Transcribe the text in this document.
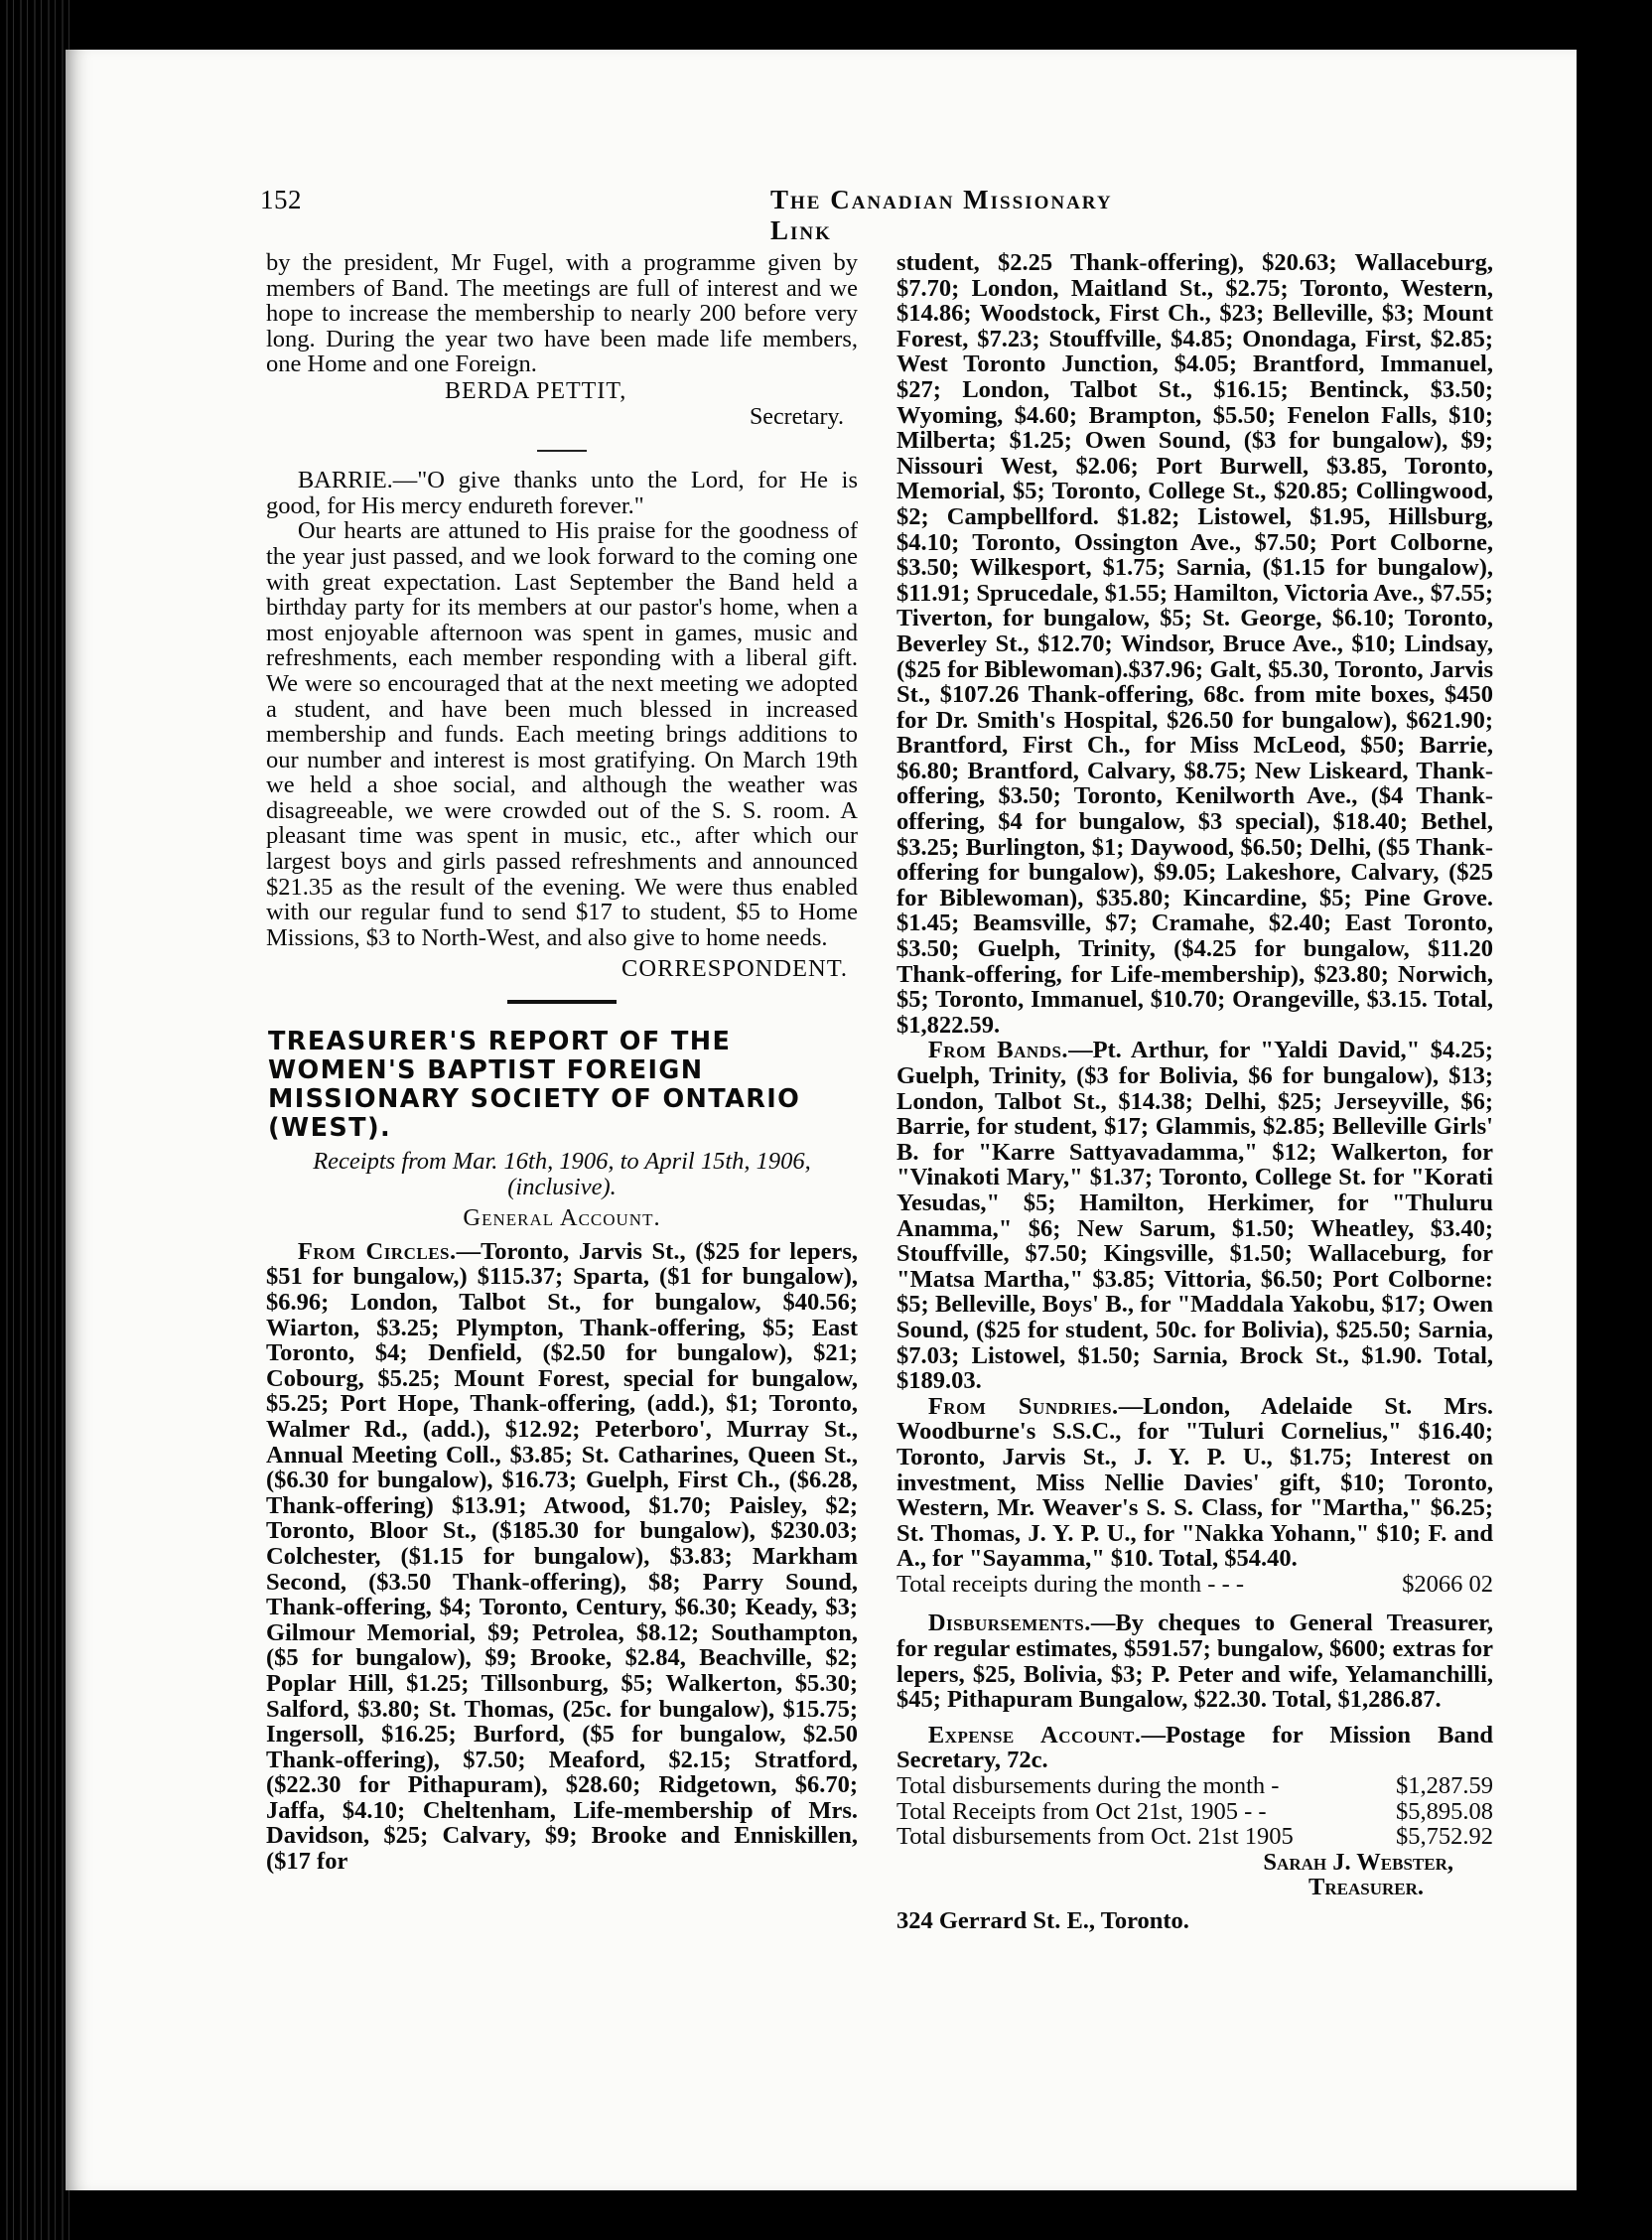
152	The Canadian Missionary Link

by the president, Mr Fugel, with a programme given by members of Band. The meetings are full of interest and we hope to increase the membership to nearly 200 before very long. During the year two have been made life members, one Home and one Foreign.

BERDA PETTIT,
Secretary.

BARRIE.—"O give thanks unto the Lord, for He is good, for His mercy endureth forever."

Our hearts are attuned to His praise for the goodness of the year just passed, and we look forward to the coming one with great expectation. Last September the Band held a birthday party for its members at our pastor's home, when a most enjoyable afternoon was spent in games, music and refreshments, each member responding with a liberal gift. We were so encouraged that at the next meeting we adopted a student, and have been much blessed in increased membership and funds. Each meeting brings additions to our number and interest is most gratifying. On March 19th we held a shoe social, and although the weather was disagreeable, we were crowded out of the S. S. room. A pleasant time was spent in music, etc., after which our largest boys and girls passed refreshments and announced $21.35 as the result of the evening. We were thus enabled with our regular fund to send $17 to student, $5 to Home Missions, $3 to North-West, and also give to home needs.

CORRESPONDENT.
TREASURER'S REPORT OF THE WOMEN'S BAPTIST FOREIGN MISSIONARY SOCIETY OF ONTARIO (WEST).
Receipts from Mar. 16th, 1906, to April 15th, 1906,
(inclusive).
General Account.

From Circles.—Toronto, Jarvis St., ($25 for lepers, $51 for bungalow,) $115.37; Sparta, ($1 for bungalow), $6.96; London, Talbot St., for bungalow, $40.56; Wiarton, $3.25; Plympton, Thank-offering, $5; East Toronto, $4; Denfield, ($2.50 for bungalow), $21; Cobourg, $5.25; Mount Forest, special for bungalow, $5.25; Port Hope, Thank-offering, (add.), $1; Toronto, Walmer Rd., (add.), $12.92; Peterboro', Murray St., Annual Meeting Coll., $3.85; St. Catharines, Queen St., ($6.30 for bungalow), $16.73; Guelph, First Ch., ($6.28, Thank-offering) $13.91; Atwood, $1.70; Paisley, $2; Toronto, Bloor St., ($185.30 for bungalow), $230.03; Colchester, ($1.15 for bungalow), $3.83; Markham Second, ($3.50 Thank-offering), $8; Parry Sound, Thank-offering, $4; Toronto, Century, $6.30; Keady, $3; Gilmour Memorial, $9; Petrolea, $8.12; Southampton, ($5 for bungalow), $9; Brooke, $2.84, Beachville, $2; Poplar Hill, $1.25; Tillsonburg, $5; Walkerton, $5.30; Salford, $3.80; St. Thomas, (25c. for bungalow), $15.75; Ingersoll, $16.25; Burford, ($5 for bungalow, $2.50 Thank-offering), $7.50; Meaford, $2.15; Stratford, ($22.30 for Pithapuram), $28.60; Ridgetown, $6.70; Jaffa, $4.10; Cheltenham, Life-membership of Mrs. Davidson, $25; Calvary, $9; Brooke and Enniskillen, ($17 for

student, $2.25 Thank-offering), $20.63; Wallaceburg, $7.70; London, Maitland St., $2.75; Toronto, Western, $14.86; Woodstock, First Ch., $23; Belleville, $3; Mount Forest, $7.23; Stouffville, $4.85; Onondaga, First, $2.85; West Toronto Junction, $4.05; Brantford, Immanuel, $27; London, Talbot St., $16.15; Bentinck, $3.50; Wyoming, $4.60; Brampton, $5.50; Fenelon Falls, $10; Milberta; $1.25; Owen Sound, ($3 for bungalow), $9; Nissouri West, $2.06; Port Burwell, $3.85, Toronto, Memorial, $5; Toronto, College St., $20.85; Collingwood, $2; Campbellford. $1.82; Listowel, $1.95, Hillsburg, $4.10; Toronto, Ossington Ave., $7.50; Port Colborne, $3.50; Wilkesport, $1.75; Sarnia, ($1.15 for bungalow), $11.91; Sprucedale, $1.55; Hamilton, Victoria Ave., $7.55; Tiverton, for bungalow, $5; St. George, $6.10; Toronto, Beverley St., $12.70; Windsor, Bruce Ave., $10; Lindsay, ($25 for Biblewoman).$37.96; Galt, $5.30, Toronto, Jarvis St., $107.26 Thank-offering, 68c. from mite boxes, $450 for Dr. Smith's Hospital, $26.50 for bungalow), $621.90; Brantford, First Ch., for Miss McLeod, $50; Barrie, $6.80; Brantford, Calvary, $8.75; New Liskeard, Thank-offering, $3.50; Toronto, Kenilworth Ave., ($4 Thank-offering, $4 for bungalow, $3 special), $18.40; Bethel, $3.25; Burlington, $1; Daywood, $6.50; Delhi, ($5 Thank-offering for bungalow), $9.05; Lakeshore, Calvary, ($25 for Biblewoman), $35.80; Kincardine, $5; Pine Grove. $1.45; Beamsville, $7; Cramahe, $2.40; East Toronto, $3.50; Guelph, Trinity, ($4.25 for bungalow, $11.20 Thank-offering, for Life-membership), $23.80; Norwich, $5; Toronto, Immanuel, $10.70; Orangeville, $3.15. Total, $1,822.59.

From Bands.—Pt. Arthur, for "Yaldi David," $4.25; Guelph, Trinity, ($3 for Bolivia, $6 for bungalow), $13; London, Talbot St., $14.38; Delhi, $25; Jerseyville, $6; Barrie, for student, $17; Glammis, $2.85; Belleville Girls' B. for "Karre Sattyavadamma," $12; Walkerton, for "Vinakoti Mary," $1.37; Toronto, College St. for "Korati Yesudas," $5; Hamilton, Herkimer, for "Thuluru Anamma," $6; New Sarum, $1.50; Wheatley, $3.40; Stouffville, $7.50; Kingsville, $1.50; Wallaceburg, for "Matsa Martha," $3.85; Vittoria, $6.50; Port Colborne: $5; Belleville, Boys' B., for "Maddala Yakobu, $17; Owen Sound, ($25 for student, 50c. for Bolivia), $25.50; Sarnia, $7.03; Listowel, $1.50; Sarnia, Brock St., $1.90. Total, $189.03.

From Sundries.—London, Adelaide St. Mrs. Woodburne's S.S.C., for "Tuluri Cornelius," $16.40; Toronto, Jarvis St., J. Y. P. U., $1.75; Interest on investment, Miss Nellie Davies' gift, $10; Toronto, Western, Mr. Weaver's S. S. Class, for "Martha," $6.25; St. Thomas, J. Y. P. U., for "Nakka Yohann," $10; F. and A., for "Sayamma," $10. Total, $54.40.

Total receipts during the month - - -	$2066 02

Disbursements.—By cheques to General Treasurer, for regular estimates, $591.57; bungalow, $600; extras for lepers, $25, Bolivia, $3; P. Peter and wife, Yelamanchilli, $45; Pithapuram Bungalow, $22.30. Total, $1,286.87.

Expense Account.—Postage for Mission Band Secretary, 72c.

Total disbursements during the month -	$1,287.59
Total Receipts from Oct 21st, 1905 - -	$5,895.08
Total disbursements from Oct. 21st 1905	$5,752.92
Sarah J. Webster,
Treasurer.
324 Gerrard St. E., Toronto.
